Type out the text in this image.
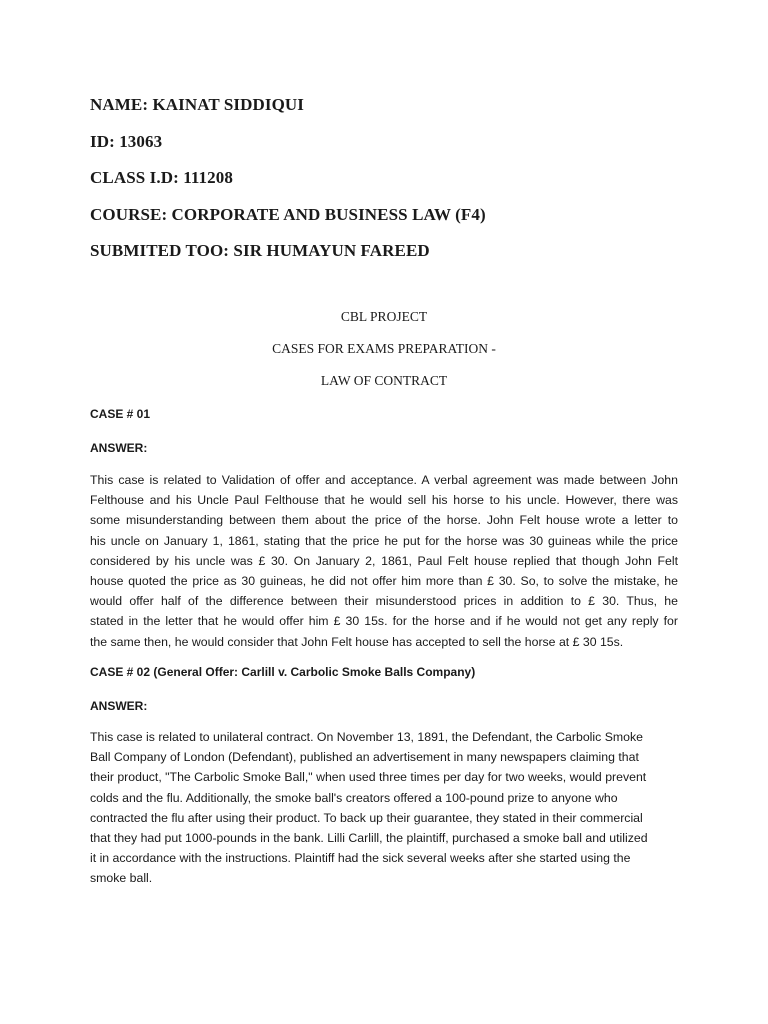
NAME: KAINAT SIDDIQUI
ID: 13063
CLASS I.D: 111208
COURSE: CORPORATE AND BUSINESS LAW (F4)
SUBMITED TOO: SIR HUMAYUN FAREED
CBL PROJECT
CASES FOR EXAMS PREPARATION -
LAW OF CONTRACT
CASE # 01
ANSWER:
This case is related to Validation of offer and acceptance. A verbal agreement was made between John
Felthouse and his Uncle Paul Felthouse that he would sell his horse to his uncle. However, there was
some misunderstanding between them about the price of the horse. John Felt house wrote a letter to
his uncle on January 1, 1861, stating that the price he put for the horse was 30 guineas while the price
considered by his uncle was £ 30. On January 2, 1861, Paul Felt house replied that though John Felt
house quoted the price as 30 guineas, he did not offer him more than £ 30. So, to solve the mistake, he
would offer half of the difference between their misunderstood prices in addition to £ 30. Thus, he
stated in the letter that he would offer him £ 30 15s. for the horse and if he would not get any reply for
the same then, he would consider that John Felt house has accepted to sell the horse at £ 30 15s.
CASE # 02 (General Offer: Carlill v. Carbolic Smoke Balls Company)
ANSWER:
This case is related to unilateral contract. On November 13, 1891, the Defendant, the Carbolic Smoke
Ball Company of London (Defendant), published an advertisement in many newspapers claiming that
their product, "The Carbolic Smoke Ball," when used three times per day for two weeks, would prevent
colds and the flu. Additionally, the smoke ball's creators offered a 100-pound prize to anyone who
contracted the flu after using their product. To back up their guarantee, they stated in their commercial
that they had put 1000-pounds in the bank. Lilli Carlill, the plaintiff, purchased a smoke ball and utilized
it in accordance with the instructions. Plaintiff had the sick several weeks after she started using the
smoke ball.
